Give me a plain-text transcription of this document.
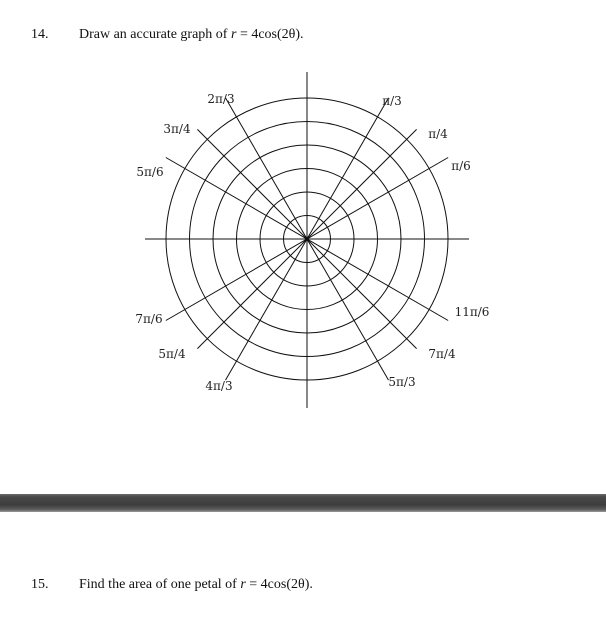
14. Draw an accurate graph of r = 4cos(2θ).
2π/3	π/3
3π/4	π/4
5π/6	π/6
7π/6	11π/6
5π/4	7π/4
4π/3	5π/3
15. Find the area of one petal of r = 4cos(2θ).
